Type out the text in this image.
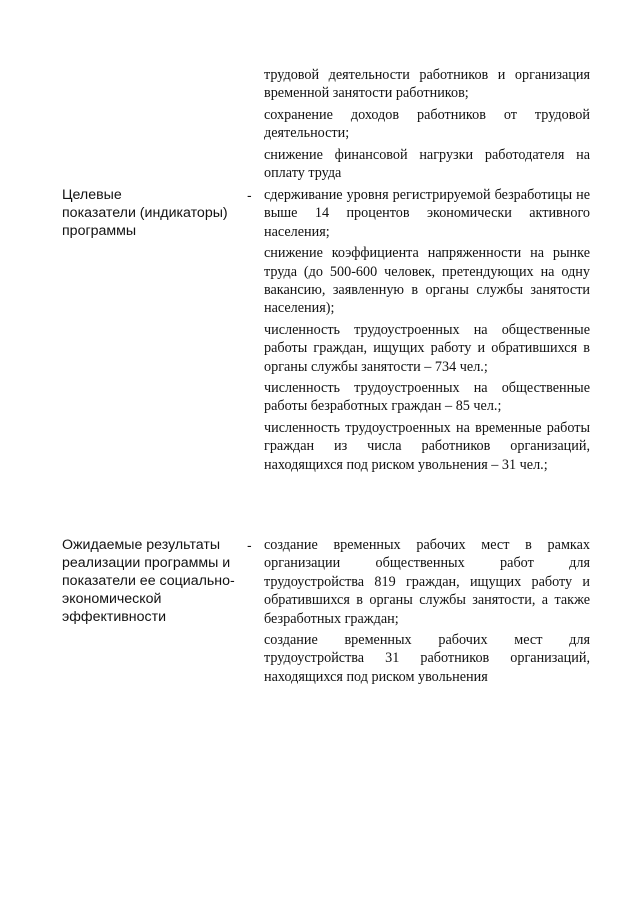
трудовой деятельности работников и организация временной занятости работников;

сохранение доходов работников от трудовой деятельности;

снижение финансовой нагрузки работодателя на оплату труда

Целевые
показатели (индикаторы)
программы
- сдерживание уровня регистрируемой безработицы не выше 14 процентов экономически активного населения;

снижение коэффициента напряженности на рынке труда (до 500-600 человек, претендующих на одну вакансию, заявленную в органы службы занятости населения);

численность трудоустроенных на общественные работы граждан, ищущих работу и обратившихся в органы службы занятости – 734 чел.;

численность трудоустроенных на общественные работы безработных граждан – 85 чел.;

численность трудоустроенных на временные работы граждан из числа работников организаций, находящихся под риском увольнения – 31 чел.;

Ожидаемые результаты
реализации программы и
показатели ее социально-
экономической
эффективности
- создание временных рабочих мест в рамках организации общественных работ для трудоустройства 819 граждан, ищущих работу и обратившихся в органы службы занятости, а также безработных граждан;

создание временных рабочих мест для трудоустройства 31 работников организаций, находящихся под риском увольнения
